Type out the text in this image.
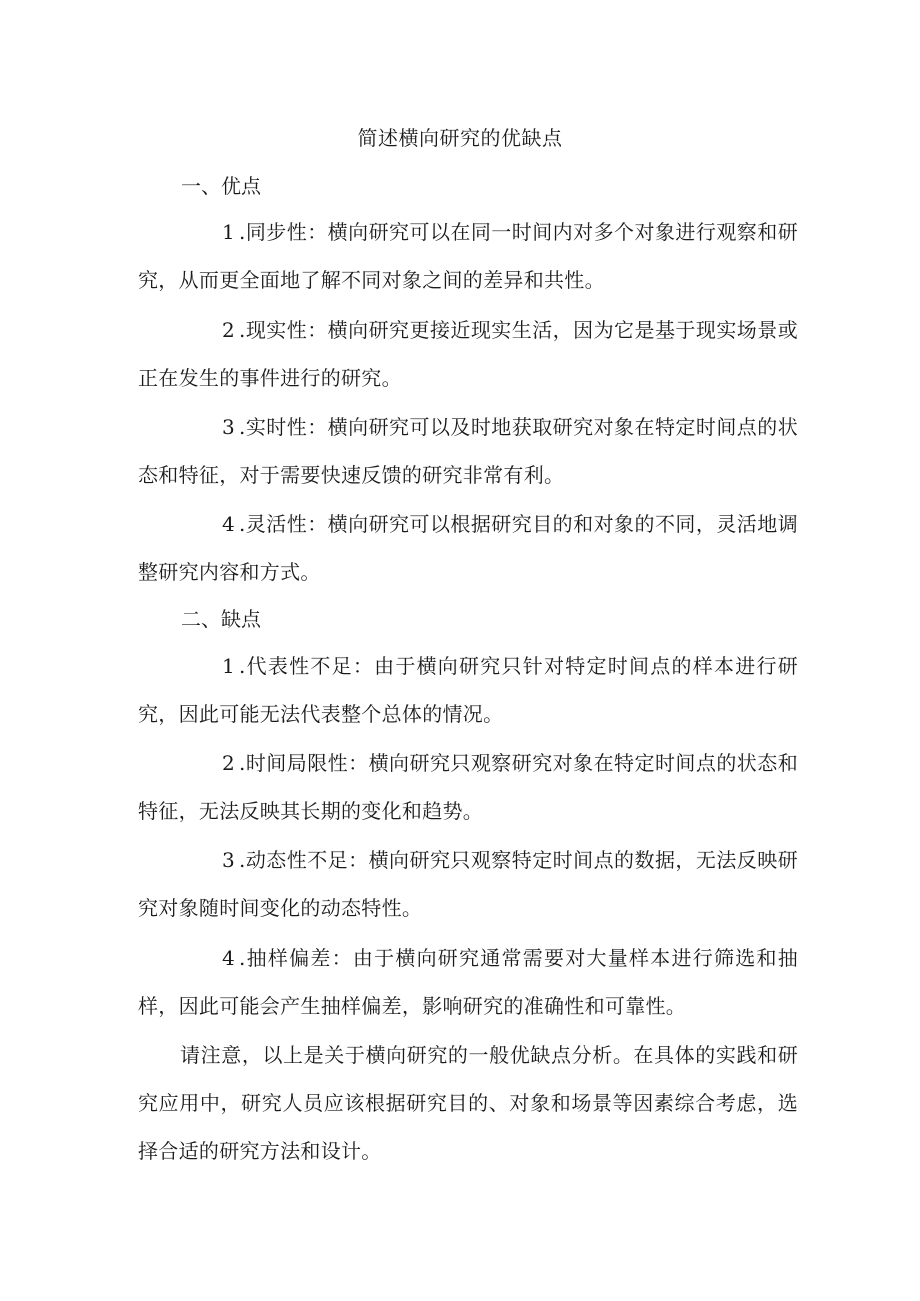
简述横向研究的优缺点
一、优点

1 .同步性：横向研究可以在同一时间内对多个对象进行观察和研究，从而更全面地了解不同对象之间的差异和共性。

2 .现实性：横向研究更接近现实生活，因为它是基于现实场景或正在发生的事件进行的研究。

3 .实时性：横向研究可以及时地获取研究对象在特定时间点的状态和特征，对于需要快速反馈的研究非常有利。

4 .灵活性：横向研究可以根据研究目的和对象的不同，灵活地调整研究内容和方式。

二、缺点

1 .代表性不足：由于横向研究只针对特定时间点的样本进行研究，因此可能无法代表整个总体的情况。

2 .时间局限性：横向研究只观察研究对象在特定时间点的状态和特征，无法反映其长期的变化和趋势。

3 .动态性不足：横向研究只观察特定时间点的数据，无法反映研究对象随时间变化的动态特性。

4 .抽样偏差：由于横向研究通常需要对大量样本进行筛选和抽样，因此可能会产生抽样偏差，影响研究的准确性和可靠性。

请注意，以上是关于横向研究的一般优缺点分析。在具体的实践和研究应用中，研究人员应该根据研究目的、对象和场景等因素综合考虑，选择合适的研究方法和设计。
